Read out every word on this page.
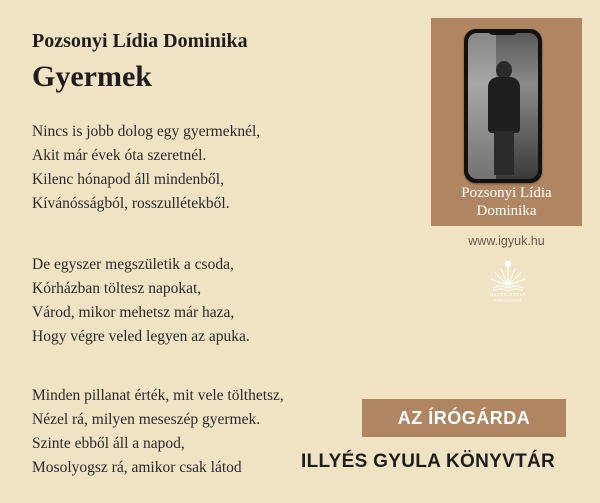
Pozsonyi Lídia Dominika
Gyermek
Nincs is jobb dolog egy gyermeknél,
Akit már évek óta szeretnél.
Kilenc hónapod áll mindenből,
Kívánósságból, rosszullétekből.
De egyszer megszületik a csoda,
Kórházban töltesz napokat,
Várod, mikor mehetsz már haza,
Hogy végre veled legyen az apuka.
Minden pillanat érték, mit vele tölthetsz,
Nézel rá, milyen meseszép gyermek.
Szinte ebből áll a napod,
Mosolyogsz rá, amikor csak látod
Pozsonyi Lídia
Dominika
www.igyuk.hu
ILLYÉS GYULA
KÖNYVTÁR
AZ ÍRÓGÁRDA
ILLYÉS GYULA KÖNYVTÁR
